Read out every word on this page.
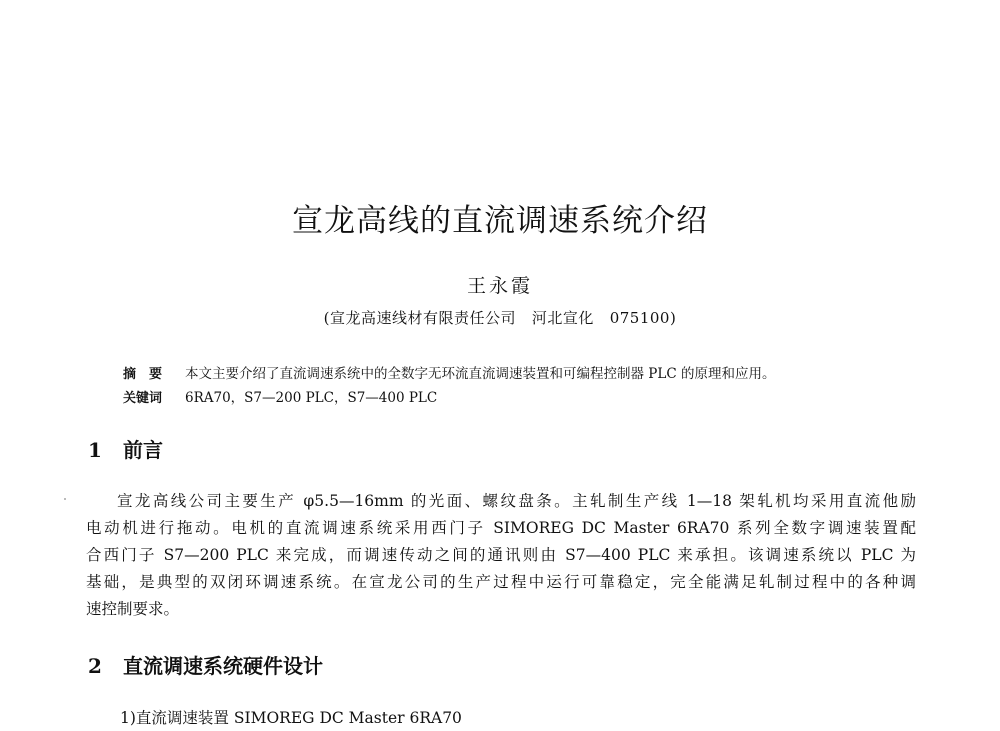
宣龙高线的直流调速系统介绍
王永霞
(宣龙高速线材有限责任公司 河北宣化 075100)
摘　要 本文主要介绍了直流调速系统中的全数字无环流直流调速装置和可编程控制器 PLC 的原理和应用。
关键词 6RA70，S7—200 PLC，S7—400 PLC
1 前言
宣龙高线公司主要生产 φ5.5—16mm 的光面、螺纹盘条。主轧制生产线 1—18 架轧机均采用直流他励
电动机进行拖动。电机的直流调速系统采用西门子 SIMOREG DC Master 6RA70 系列全数字调速装置配
合西门子 S7—200 PLC 来完成，而调速传动之间的通讯则由 S7—400 PLC 来承担。该调速系统以 PLC 为
基础，是典型的双闭环调速系统。在宣龙公司的生产过程中运行可靠稳定，完全能满足轧制过程中的各种调
速控制要求。
2 直流调速系统硬件设计
1)直流调速装置 SIMOREG DC Master 6RA70
